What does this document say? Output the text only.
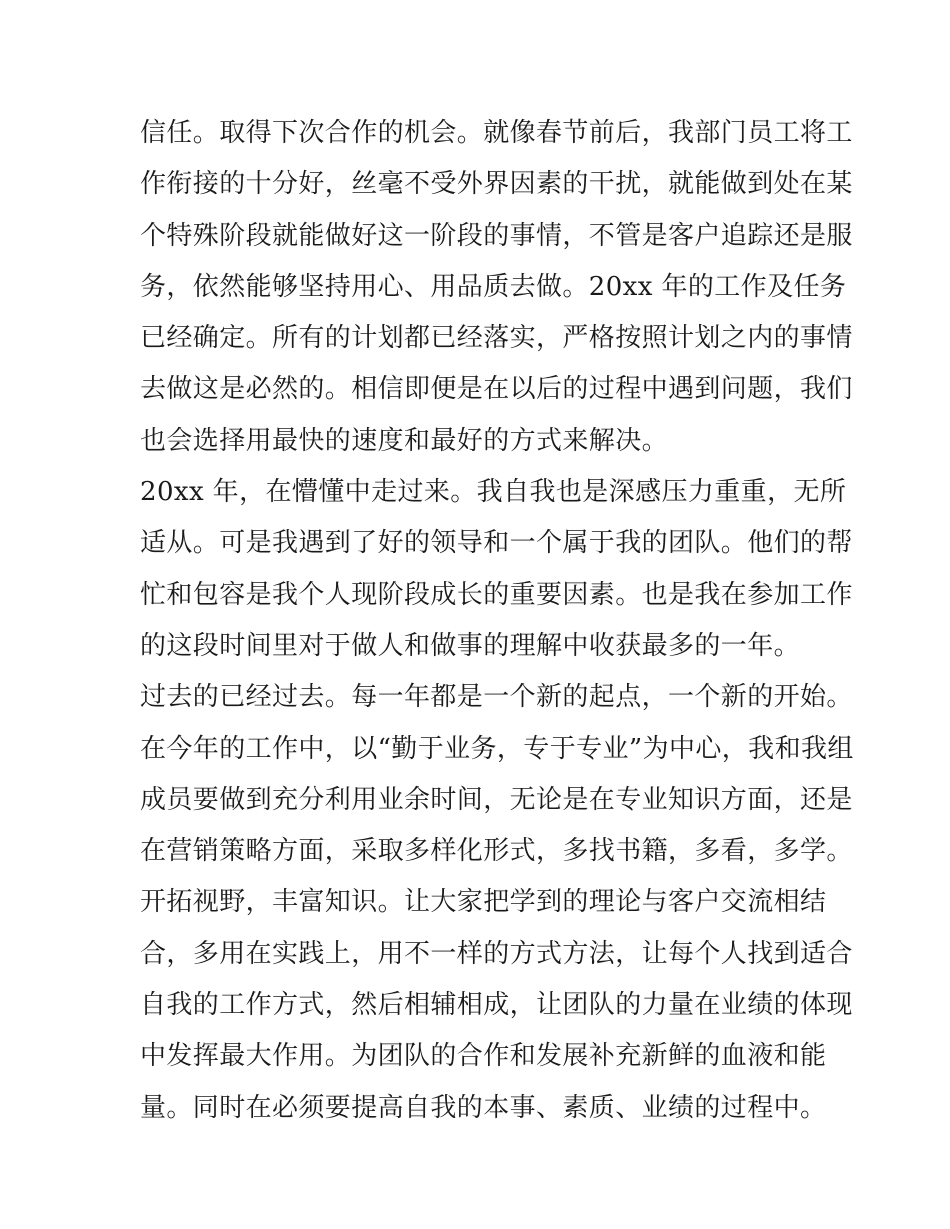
信任。取得下次合作的机会。就像春节前后，我部门员工将工
作衔接的十分好，丝毫不受外界因素的干扰，就能做到处在某
个特殊阶段就能做好这一阶段的事情，不管是客户追踪还是服
务，依然能够坚持用心、用品质去做。20xx 年的工作及任务
已经确定。所有的计划都已经落实，严格按照计划之内的事情
去做这是必然的。相信即便是在以后的过程中遇到问题，我们
也会选择用最快的速度和最好的方式来解决。
20xx 年，在懵懂中走过来。我自我也是深感压力重重，无所
适从。可是我遇到了好的领导和一个属于我的团队。他们的帮
忙和包容是我个人现阶段成长的重要因素。也是我在参加工作
的这段时间里对于做人和做事的理解中收获最多的一年。
过去的已经过去。每一年都是一个新的起点，一个新的开始。
在今年的工作中，以“勤于业务，专于专业”为中心，我和我组
成员要做到充分利用业余时间，无论是在专业知识方面，还是
在营销策略方面，采取多样化形式，多找书籍，多看，多学。
开拓视野，丰富知识。让大家把学到的理论与客户交流相结
合，多用在实践上，用不一样的方式方法，让每个人找到适合
自我的工作方式，然后相辅相成，让团队的力量在业绩的体现
中发挥最大作用。为团队的合作和发展补充新鲜的血液和能
量。同时在必须要提高自我的本事、素质、业绩的过程中。
